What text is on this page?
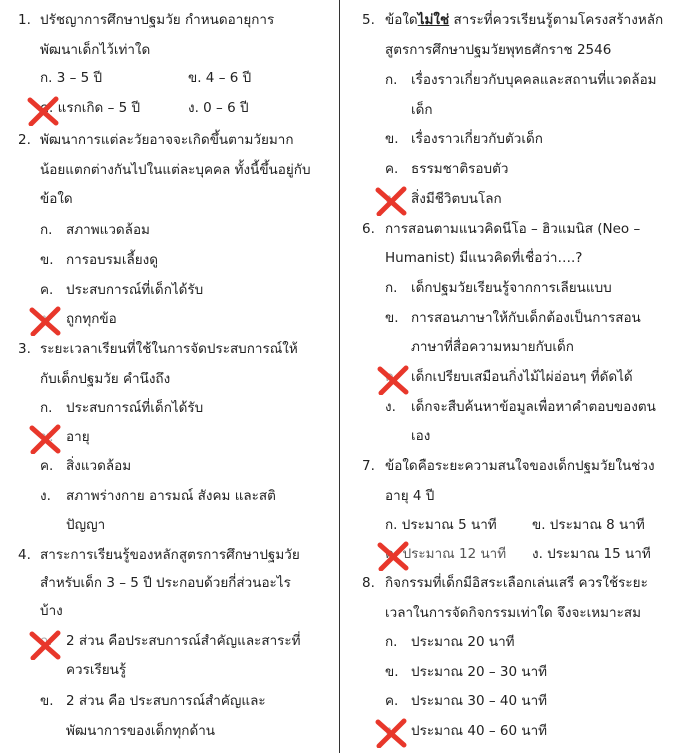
1. ปรัชญาการศึกษาปฐมวัย กำหนดอายุการ
พัฒนาเด็กไว้เท่าใด
ก. 3 – 5 ปี	ข. 4 – 6 ปี
ค. แรกเกิด – 5 ปี	ง. 0 – 6 ปี
2. พัฒนาการแต่ละวัยอาจจะเกิดขึ้นตามวัยมาก
น้อยแตกต่างกันไปในแต่ละบุคคล ทั้งนี้ขึ้นอยู่กับ
ข้อใด
ก. สภาพแวดล้อม
ข. การอบรมเลี้ยงดู
ค. ประสบการณ์ที่เด็กได้รับ
ง. ถูกทุกข้อ
3. ระยะเวลาเรียนที่ใช้ในการจัดประสบการณ์ให้
กับเด็กปฐมวัย คำนึงถึง
ก. ประสบการณ์ที่เด็กได้รับ
ข. อายุ
ค. สิ่งแวดล้อม
ง. สภาพร่างกาย อารมณ์ สังคม และสติ
ปัญญา
4. สาระการเรียนรู้ของหลักสูตรการศึกษาปฐมวัย
สำหรับเด็ก 3 – 5 ปี ประกอบด้วยกี่ส่วนอะไร
บ้าง
ก. 2 ส่วน คือประสบการณ์สำคัญและสาระที่
ควรเรียนรู้
ข. 2 ส่วน คือ ประสบการณ์สำคัญและ
พัฒนาการของเด็กทุกด้าน
5. ข้อใดไม่ใช่ สาระที่ควรเรียนรู้ตามโครงสร้างหลัก
สูตรการศึกษาปฐมวัยพุทธศักราช 2546
ก. เรื่องราวเกี่ยวกับบุคคลและสถานที่แวดล้อม
เด็ก
ข. เรื่องราวเกี่ยวกับตัวเด็ก
ค. ธรรมชาติรอบตัว
ง. สิ่งมีชีวิตบนโลก
6. การสอนตามแนวคิดนีโอ – ฮิวแมนิส (Neo –
Humanist) มีแนวคิดที่เชื่อว่า….?
ก. เด็กปฐมวัยเรียนรู้จากการเลียนแบบ
ข. การสอนภาษาให้กับเด็กต้องเป็นการสอน
ภาษาที่สื่อความหมายกับเด็ก
ค. เด็กเปรียบเสมือนกิ่งไม้ไผ่อ่อนๆ ที่ดัดได้
ง. เด็กจะสืบค้นหาข้อมูลเพื่อหาคำตอบของตน
เอง
7. ข้อใดคือระยะความสนใจของเด็กปฐมวัยในช่วง
อายุ 4 ปี
ก. ประมาณ 5 นาที	ข. ประมาณ 8 นาที
ค. ประมาณ 12 นาที ง. ประมาณ 15 นาที
8. กิจกรรมที่เด็กมีอิสระเลือกเล่นเสรี ควรใช้ระยะ
เวลาในการจัดกิจกรรมเท่าใด จึงจะเหมาะสม
ก. ประมาณ 20 นาที
ข. ประมาณ 20 – 30 นาที
ค. ประมาณ 30 – 40 นาที
ง. ประมาณ 40 – 60 นาที
